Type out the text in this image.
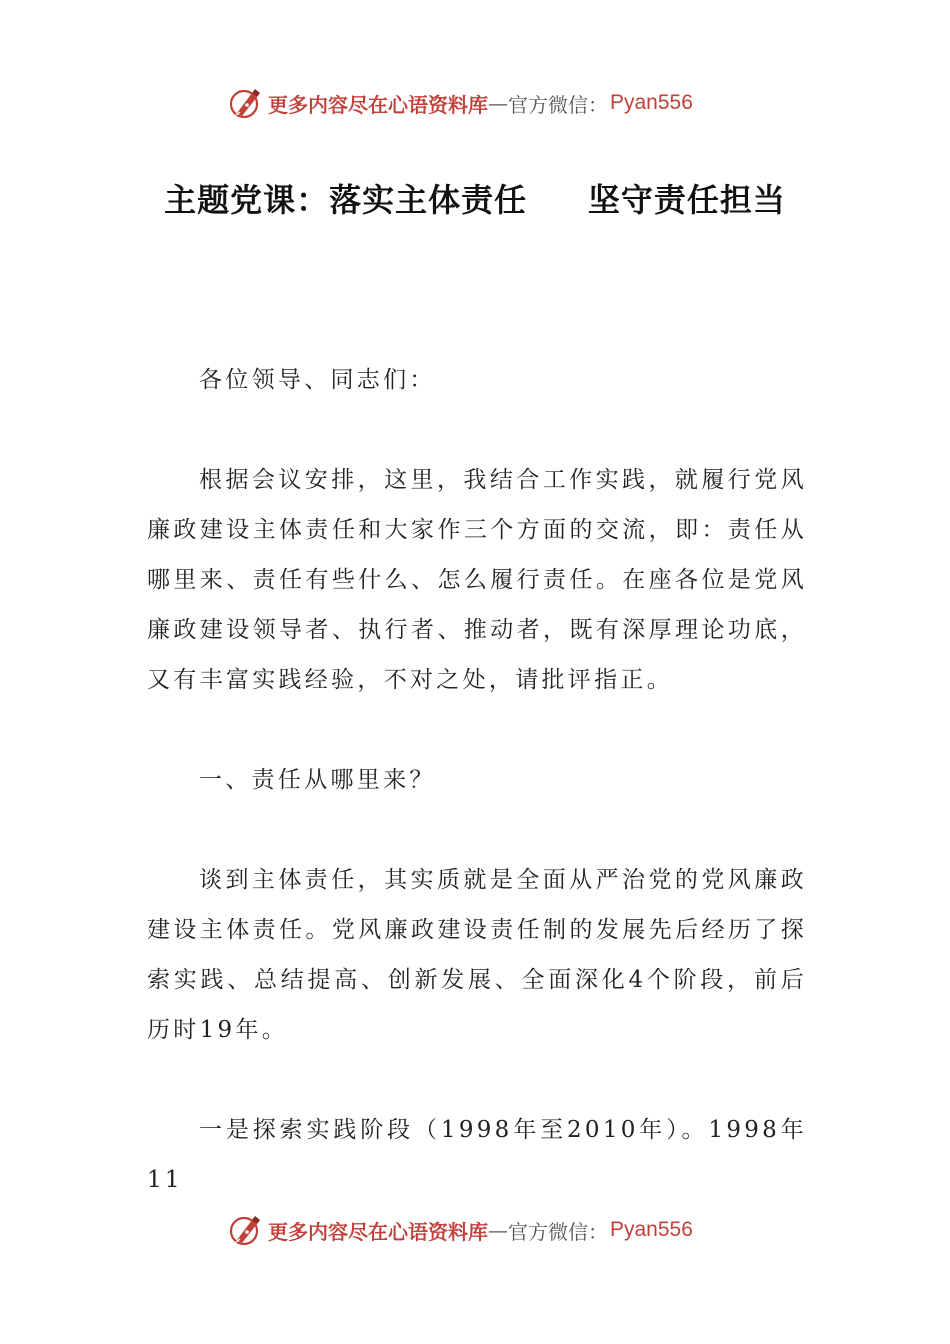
更多内容尽在心语资料库 — 官方微信： Pyan556
主题党课：落实主体责任     坚守责任担当

各位领导、同志们：

根据会议安排，这里，我结合工作实践，就履行党风廉政建设主体责任和大家作三个方面的交流，即：责任从哪里来、责任有些什么、怎么履行责任。在座各位是党风廉政建设领导者、执行者、推动者，既有深厚理论功底，又有丰富实践经验，不对之处，请批评指正。

一、责任从哪里来？

谈到主体责任，其实质就是全面从严治党的党风廉政建设主体责任。党风廉政建设责任制的发展先后经历了探索实践、总结提高、创新发展、全面深化4个阶段，前后历时19年。

一是探索实践阶段（1998年至2010年）。1998年11

更多内容尽在心语资料库 — 官方微信： Pyan556
